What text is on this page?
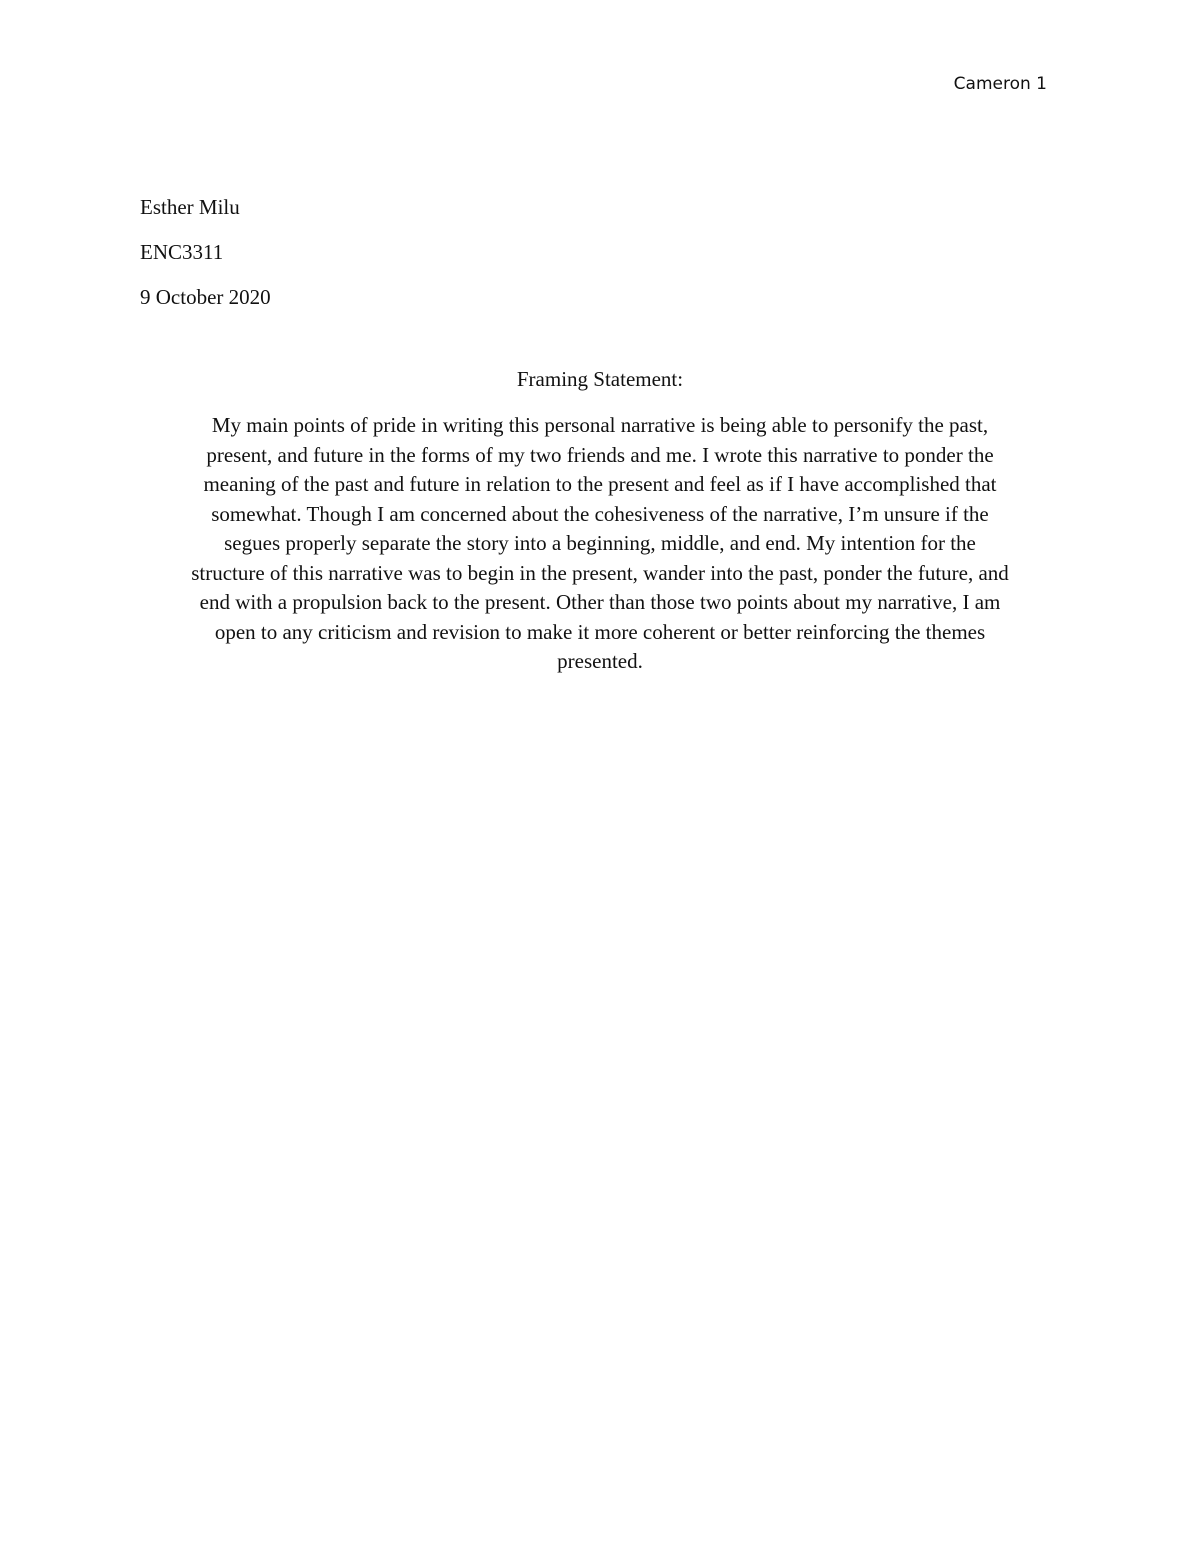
Cameron 1
Esther Milu
ENC3311
9 October 2020
Framing Statement:
My main points of pride in writing this personal narrative is being able to personify the past,
present, and future in the forms of my two friends and me. I wrote this narrative to ponder the
meaning of the past and future in relation to the present and feel as if I have accomplished that
somewhat. Though I am concerned about the cohesiveness of the narrative, I’m unsure if the
segues properly separate the story into a beginning, middle, and end. My intention for the
structure of this narrative was to begin in the present, wander into the past, ponder the future, and
end with a propulsion back to the present. Other than those two points about my narrative, I am
open to any criticism and revision to make it more coherent or better reinforcing the themes
presented.
